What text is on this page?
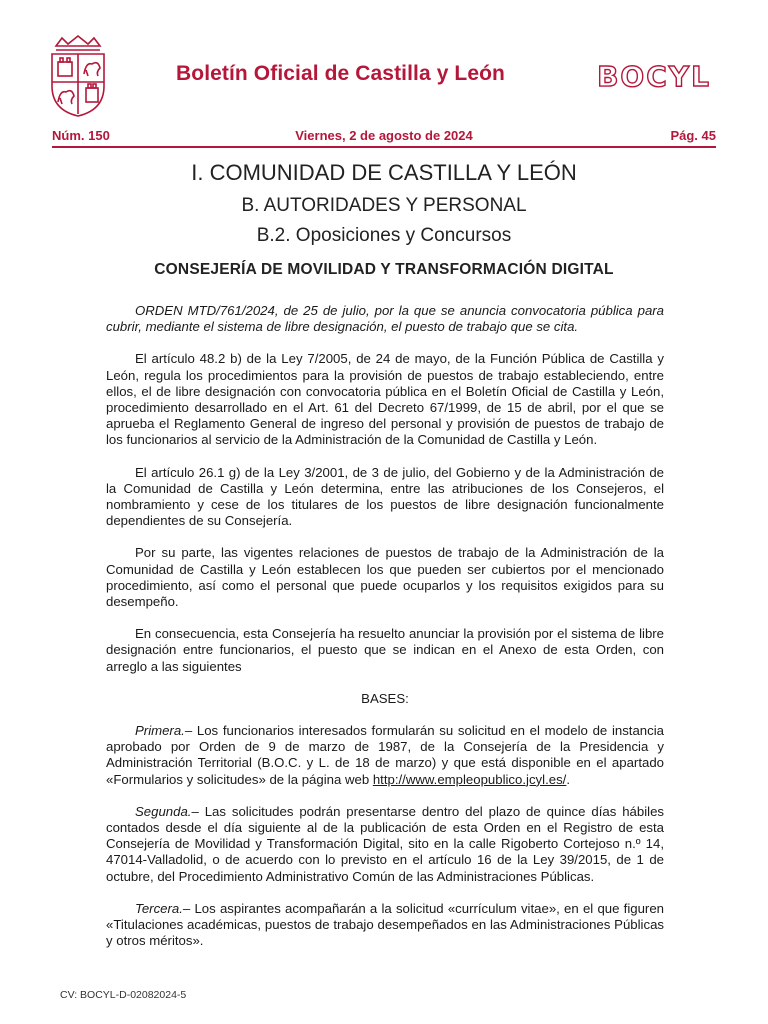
Boletín Oficial de Castilla y León	BOCYL
Núm. 150	Viernes, 2 de agosto de 2024	Pág. 45
I. COMUNIDAD DE CASTILLA Y LEÓN
B. AUTORIDADES Y PERSONAL
B.2. Oposiciones y Concursos
CONSEJERÍA DE MOVILIDAD Y TRANSFORMACIÓN DIGITAL

ORDEN MTD/761/2024, de 25 de julio, por la que se anuncia convocatoria pública para cubrir, mediante el sistema de libre designación, el puesto de trabajo que se cita.

El artículo 48.2 b) de la Ley 7/2005, de 24 de mayo, de la Función Pública de Castilla y León, regula los procedimientos para la provisión de puestos de trabajo estableciendo, entre ellos, el de libre designación con convocatoria pública en el Boletín Oficial de Castilla y León, procedimiento desarrollado en el Art. 61 del Decreto 67/1999, de 15 de abril, por el que se aprueba el Reglamento General de ingreso del personal y provisión de puestos de trabajo de los funcionarios al servicio de la Administración de la Comunidad de Castilla y León.

El artículo 26.1 g) de la Ley 3/2001, de 3 de julio, del Gobierno y de la Administración de la Comunidad de Castilla y León determina, entre las atribuciones de los Consejeros, el nombramiento y cese de los titulares de los puestos de libre designación funcionalmente dependientes de su Consejería.

Por su parte, las vigentes relaciones de puestos de trabajo de la Administración de la Comunidad de Castilla y León establecen los que pueden ser cubiertos por el mencionado procedimiento, así como el personal que puede ocuparlos y los requisitos exigidos para su desempeño.

En consecuencia, esta Consejería ha resuelto anunciar la provisión por el sistema de libre designación entre funcionarios, el puesto que se indican en el Anexo de esta Orden, con arreglo a las siguientes

BASES:

Primera.– Los funcionarios interesados formularán su solicitud en el modelo de instancia aprobado por Orden de 9 de marzo de 1987, de la Consejería de la Presidencia y Administración Territorial (B.O.C. y L. de 18 de marzo) y que está disponible en el apartado «Formularios y solicitudes» de la página web http://www.empleopublico.jcyl.es/.

Segunda.– Las solicitudes podrán presentarse dentro del plazo de quince días hábiles contados desde el día siguiente al de la publicación de esta Orden en el Registro de esta Consejería de Movilidad y Transformación Digital, sito en la calle Rigoberto Cortejoso n.º 14, 47014-Valladolid, o de acuerdo con lo previsto en el artículo 16 de la Ley 39/2015, de 1 de octubre, del Procedimiento Administrativo Común de las Administraciones Públicas.

Tercera.– Los aspirantes acompañarán a la solicitud «currículum vitae», en el que figuren «Titulaciones académicas, puestos de trabajo desempeñados en las Administraciones Públicas y otros méritos».

CV: BOCYL-D-02082024-5
